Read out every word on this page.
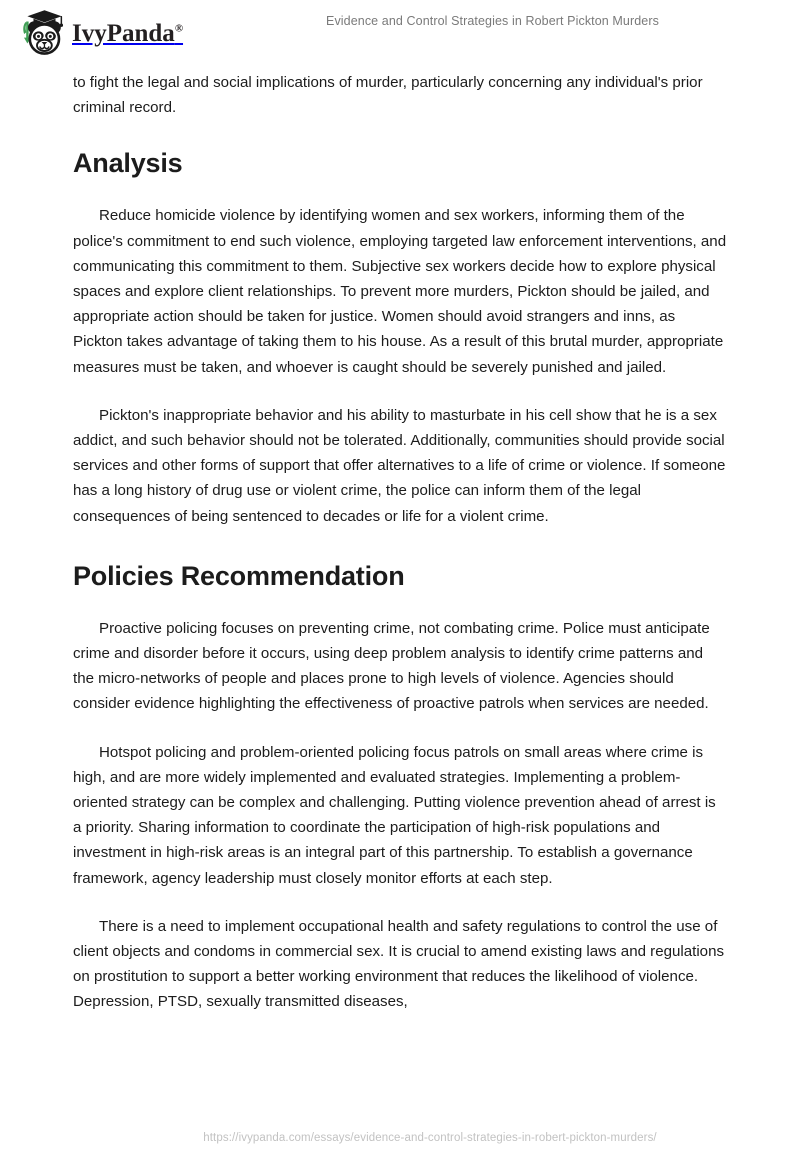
IvyPanda®
Evidence and Control Strategies in Robert Pickton Murders

to fight the legal and social implications of murder, particularly concerning any individual's prior criminal record.

Analysis

Reduce homicide violence by identifying women and sex workers, informing them of the police's commitment to end such violence, employing targeted law enforcement interventions, and communicating this commitment to them. Subjective sex workers decide how to explore physical spaces and explore client relationships. To prevent more murders, Pickton should be jailed, and appropriate action should be taken for justice. Women should avoid strangers and inns, as Pickton takes advantage of taking them to his house. As a result of this brutal murder, appropriate measures must be taken, and whoever is caught should be severely punished and jailed.

Pickton's inappropriate behavior and his ability to masturbate in his cell show that he is a sex addict, and such behavior should not be tolerated. Additionally, communities should provide social services and other forms of support that offer alternatives to a life of crime or violence. If someone has a long history of drug use or violent crime, the police can inform them of the legal consequences of being sentenced to decades or life for a violent crime.

Policies Recommendation

Proactive policing focuses on preventing crime, not combating crime. Police must anticipate crime and disorder before it occurs, using deep problem analysis to identify crime patterns and the micro-networks of people and places prone to high levels of violence. Agencies should consider evidence highlighting the effectiveness of proactive patrols when services are needed.

Hotspot policing and problem-oriented policing focus patrols on small areas where crime is high, and are more widely implemented and evaluated strategies. Implementing a problem-oriented strategy can be complex and challenging. Putting violence prevention ahead of arrest is a priority. Sharing information to coordinate the participation of high-risk populations and investment in high-risk areas is an integral part of this partnership. To establish a governance framework, agency leadership must closely monitor efforts at each step.

There is a need to implement occupational health and safety regulations to control the use of client objects and condoms in commercial sex. It is crucial to amend existing laws and regulations on prostitution to support a better working environment that reduces the likelihood of violence. Depression, PTSD, sexually transmitted diseases,

https://ivypanda.com/essays/evidence-and-control-strategies-in-robert-pickton-murders/
